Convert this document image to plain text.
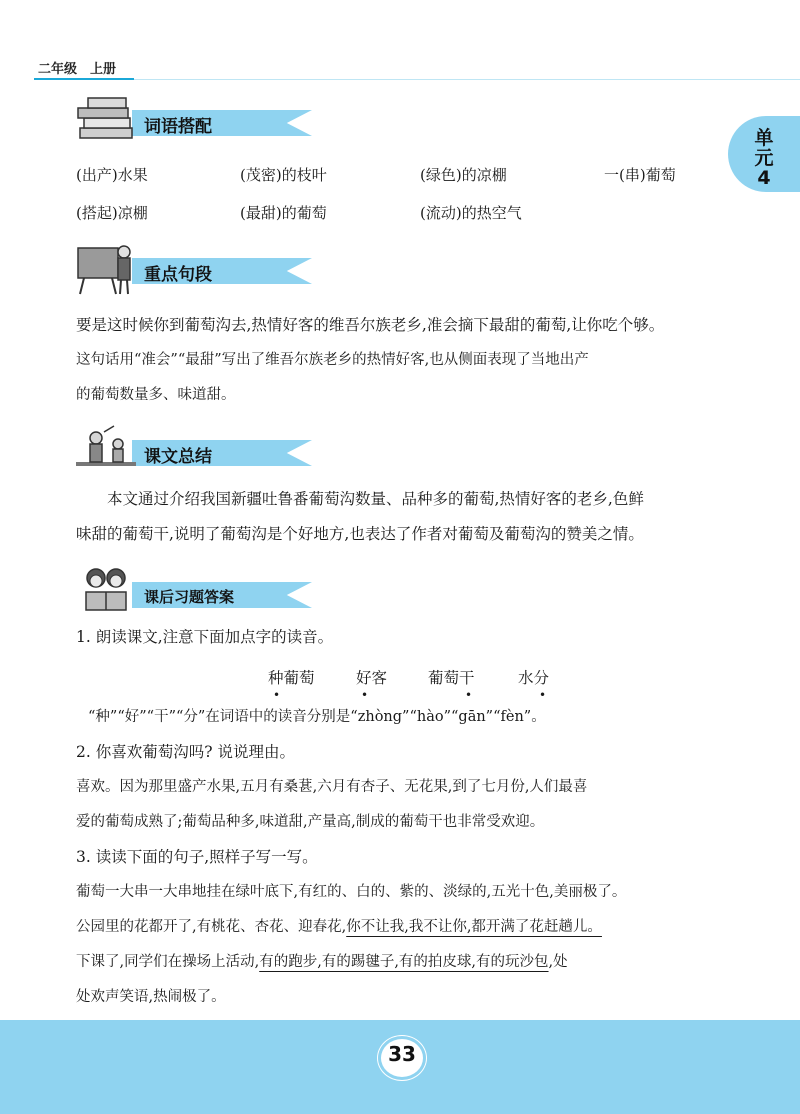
二年级　上册
单
元
4
词语搭配
(出产)水果	(茂密)的枝叶	(绿色)的凉棚	一(串)葡萄
(搭起)凉棚	(最甜)的葡萄	(流动)的热空气
重点句段

要是这时候你到葡萄沟去,热情好客的维吾尔族老乡,准会摘下最甜的葡萄,让你吃个够。

这句话用“准会”“最甜”写出了维吾尔族老乡的热情好客,也从侧面表现了当地出产

的葡萄数量多、味道甜。

课文总结

本文通过介绍我国新疆吐鲁番葡萄沟数量、品种多的葡萄,热情好客的老乡,色鲜

味甜的葡萄干,说明了葡萄沟是个好地方,也表达了作者对葡萄及葡萄沟的赞美之情。

课后习题答案

1. 朗读课文,注意下面加点字的读音。

种葡萄
•
好客
•
葡萄干
•
水分
•

“种”“好”“干”“分”在词语中的读音分别是“zhòng”“hào”“gān”“fèn”。

2. 你喜欢葡萄沟吗? 说说理由。

喜欢。因为那里盛产水果,五月有桑葚,六月有杏子、无花果,到了七月份,人们最喜

爱的葡萄成熟了;葡萄品种多,味道甜,产量高,制成的葡萄干也非常受欢迎。

3. 读读下面的句子,照样子写一写。

葡萄一大串一大串地挂在绿叶底下,有红的、白的、紫的、淡绿的,五光十色,美丽极了。

公园里的花都开了,有桃花、杏花、迎春花,你不让我,我不让你,都开满了花赶趟儿。

下课了,同学们在操场上活动,有的跑步,有的踢毽子,有的拍皮球,有的玩沙包,处

处欢声笑语,热闹极了。

33
